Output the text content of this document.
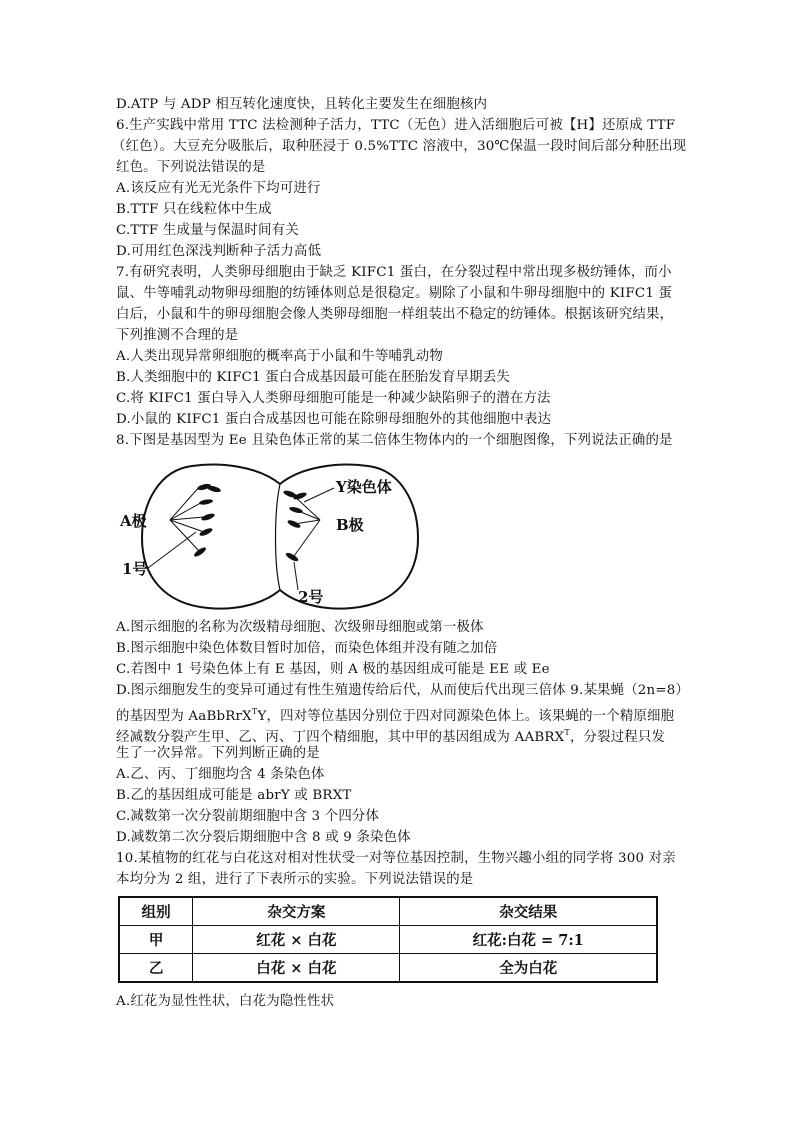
D.ATP 与 ADP 相互转化速度快，且转化主要发生在细胞核内
6.生产实践中常用 TTC 法检测种子活力，TTC（无色）进入活细胞后可被【H】还原成 TTF
（红色）。大豆充分吸胀后，取种胚浸于 0.5%TTC 溶液中，30℃保温一段时间后部分种胚出现
红色。下列说法错误的是
A.该反应有光无光条件下均可进行
B.TTF 只在线粒体中生成
C.TTF 生成量与保温时间有关
D.可用红色深浅判断种子活力高低
7.有研究表明，人类卵母细胞由于缺乏 KIFC1 蛋白，在分裂过程中常出现多极纺锤体，而小
鼠、牛等哺乳动物卵母细胞的纺锤体则总是很稳定。剔除了小鼠和牛卵母细胞中的 KIFC1 蛋
白后，小鼠和牛的卵母细胞会像人类卵母细胞一样组装出不稳定的纺锤体。根据该研究结果，
下列推测不合理的是
A.人类出现异常卵细胞的概率高于小鼠和牛等哺乳动物
B.人类细胞中的 KIFC1 蛋白合成基因最可能在胚胎发育早期丢失
C.将 KIFC1 蛋白导入人类卵母细胞可能是一种减少缺陷卵子的潜在方法
D.小鼠的 KIFC1 蛋白合成基因也可能在除卵母细胞外的其他细胞中表达
8.下图是基因型为 Ee 且染色体正常的某二倍体生物体内的一个细胞图像，下列说法正确的是
A极
Y染色体
B极
1号
2号
A.图示细胞的名称为次级精母细胞、次级卵母细胞或第一极体
B.图示细胞中染色体数目暂时加倍，而染色体组并没有随之加倍
C.若图中 1 号染色体上有 E 基因，则 A 极的基因组成可能是 EE 或 Ee
D.图示细胞发生的变异可通过有性生殖遗传给后代，从而使后代出现三倍体 9.某果蝇（2n=8）
的基因型为 AaBbRrX$^T$Y，四对等位基因分别位于四对同源染色体上。该果蝇的一个精原细胞
经减数分裂产生甲、乙、丙、丁四个精细胞，其中甲的基因组成为 $AABRX^T$，分裂过程只发
生了一次异常。下列判断正确的是
A.乙、丙、丁细胞均含 4 条染色体
B.乙的基因组成可能是 abrY 或 BRXT
C.减数第一次分裂前期细胞中含 3 个四分体
D.减数第二次分裂后期细胞中含 8 或 9 条染色体
10.某植物的红花与白花这对相对性状受一对等位基因控制，生物兴趣小组的同学将 300 对亲
本均分为 2 组，进行了下表所示的实验。下列说法错误的是
组别	杂交方案	杂交结果
甲	红花 × 白花	红花:白花 = 7:1
乙	白花 × 白花	全为白花
A.红花为显性性状，白花为隐性性状
